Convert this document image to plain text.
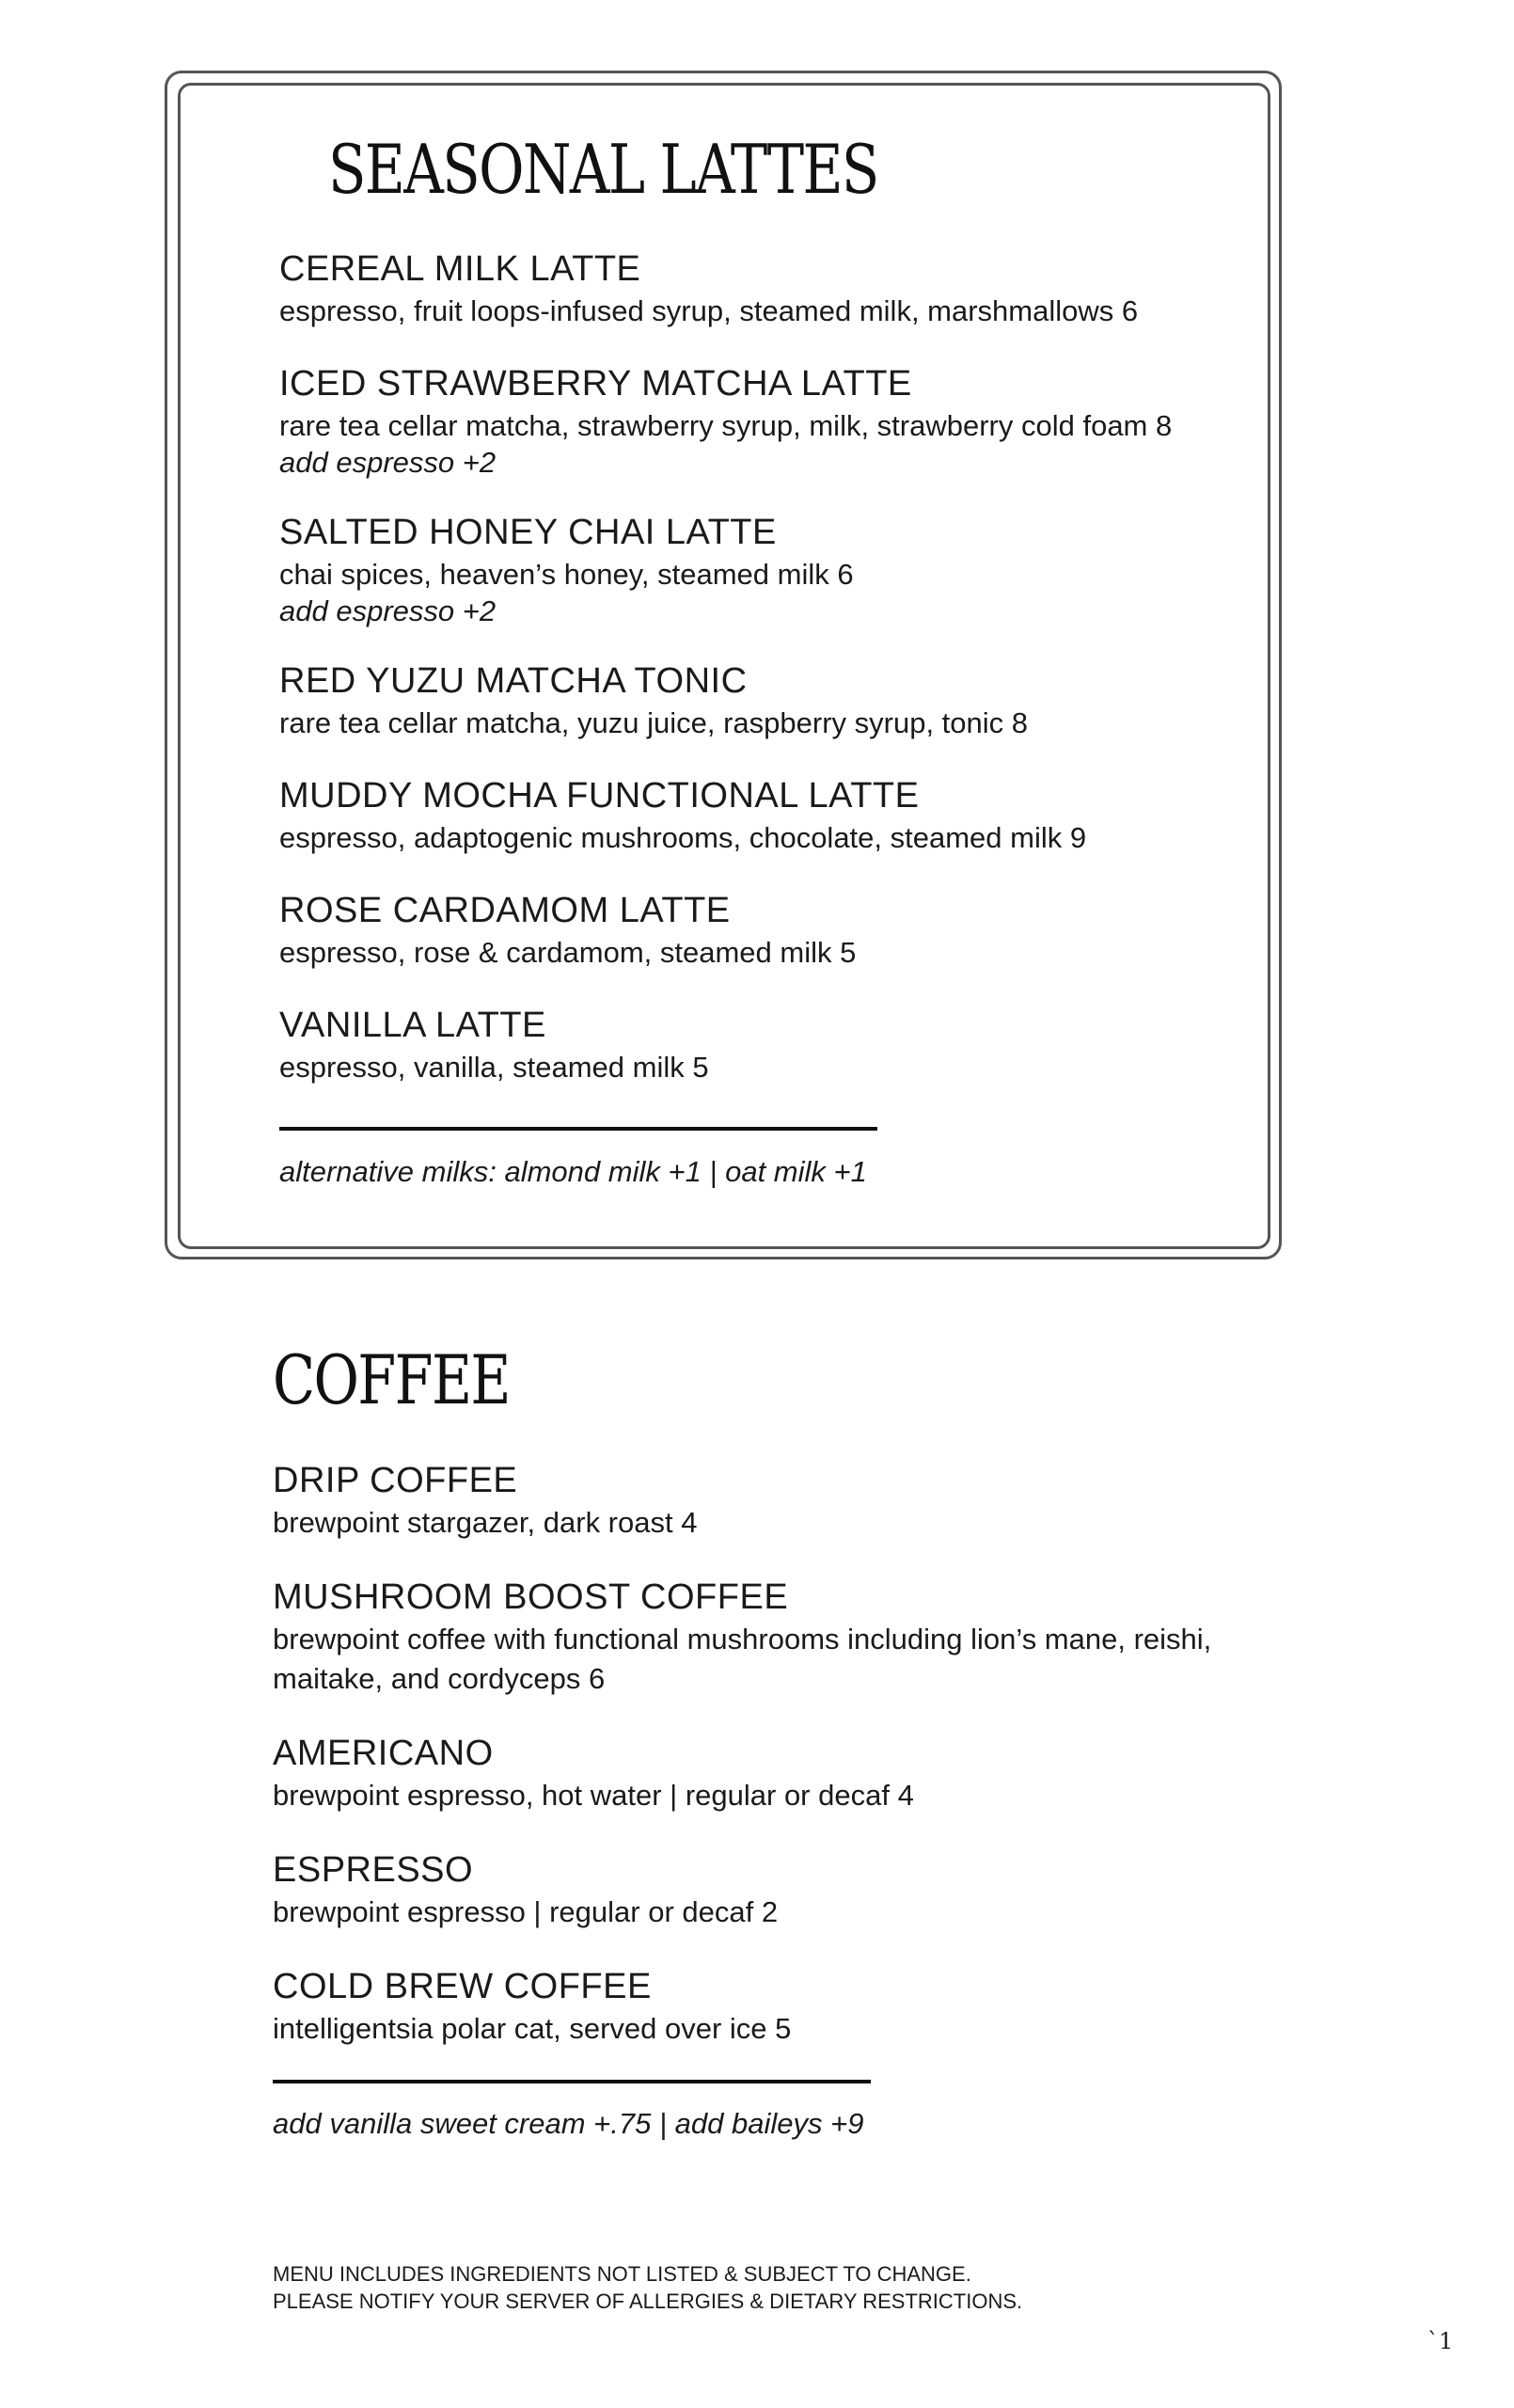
SEASONAL LATTES
CEREAL MILK LATTE
espresso, fruit loops-infused syrup, steamed milk, marshmallows 6
ICED STRAWBERRY MATCHA LATTE
rare tea cellar matcha, strawberry syrup, milk, strawberry cold foam 8
add espresso +2
SALTED HONEY CHAI LATTE
chai spices, heaven’s honey, steamed milk 6
add espresso +2
RED YUZU MATCHA TONIC
rare tea cellar matcha, yuzu juice, raspberry syrup, tonic 8
MUDDY MOCHA FUNCTIONAL LATTE
espresso, adaptogenic mushrooms, chocolate, steamed milk 9
ROSE CARDAMOM LATTE
espresso, rose & cardamom, steamed milk 5
VANILLA LATTE
espresso, vanilla, steamed milk 5

alternative milks: almond milk +1 | oat milk +1

COFFEE
DRIP COFFEE
brewpoint stargazer, dark roast 4
MUSHROOM BOOST COFFEE
brewpoint coffee with functional mushrooms including lion’s mane, reishi, maitake, and cordyceps 6
AMERICANO
brewpoint espresso, hot water | regular or decaf 4
ESPRESSO
brewpoint espresso | regular or decaf 2
COLD BREW COFFEE
intelligentsia polar cat, served over ice 5

add vanilla sweet cream +.75 | add baileys +9

MENU INCLUDES INGREDIENTS NOT LISTED & SUBJECT TO CHANGE.
PLEASE NOTIFY YOUR SERVER OF ALLERGIES & DIETARY RESTRICTIONS.

`1
